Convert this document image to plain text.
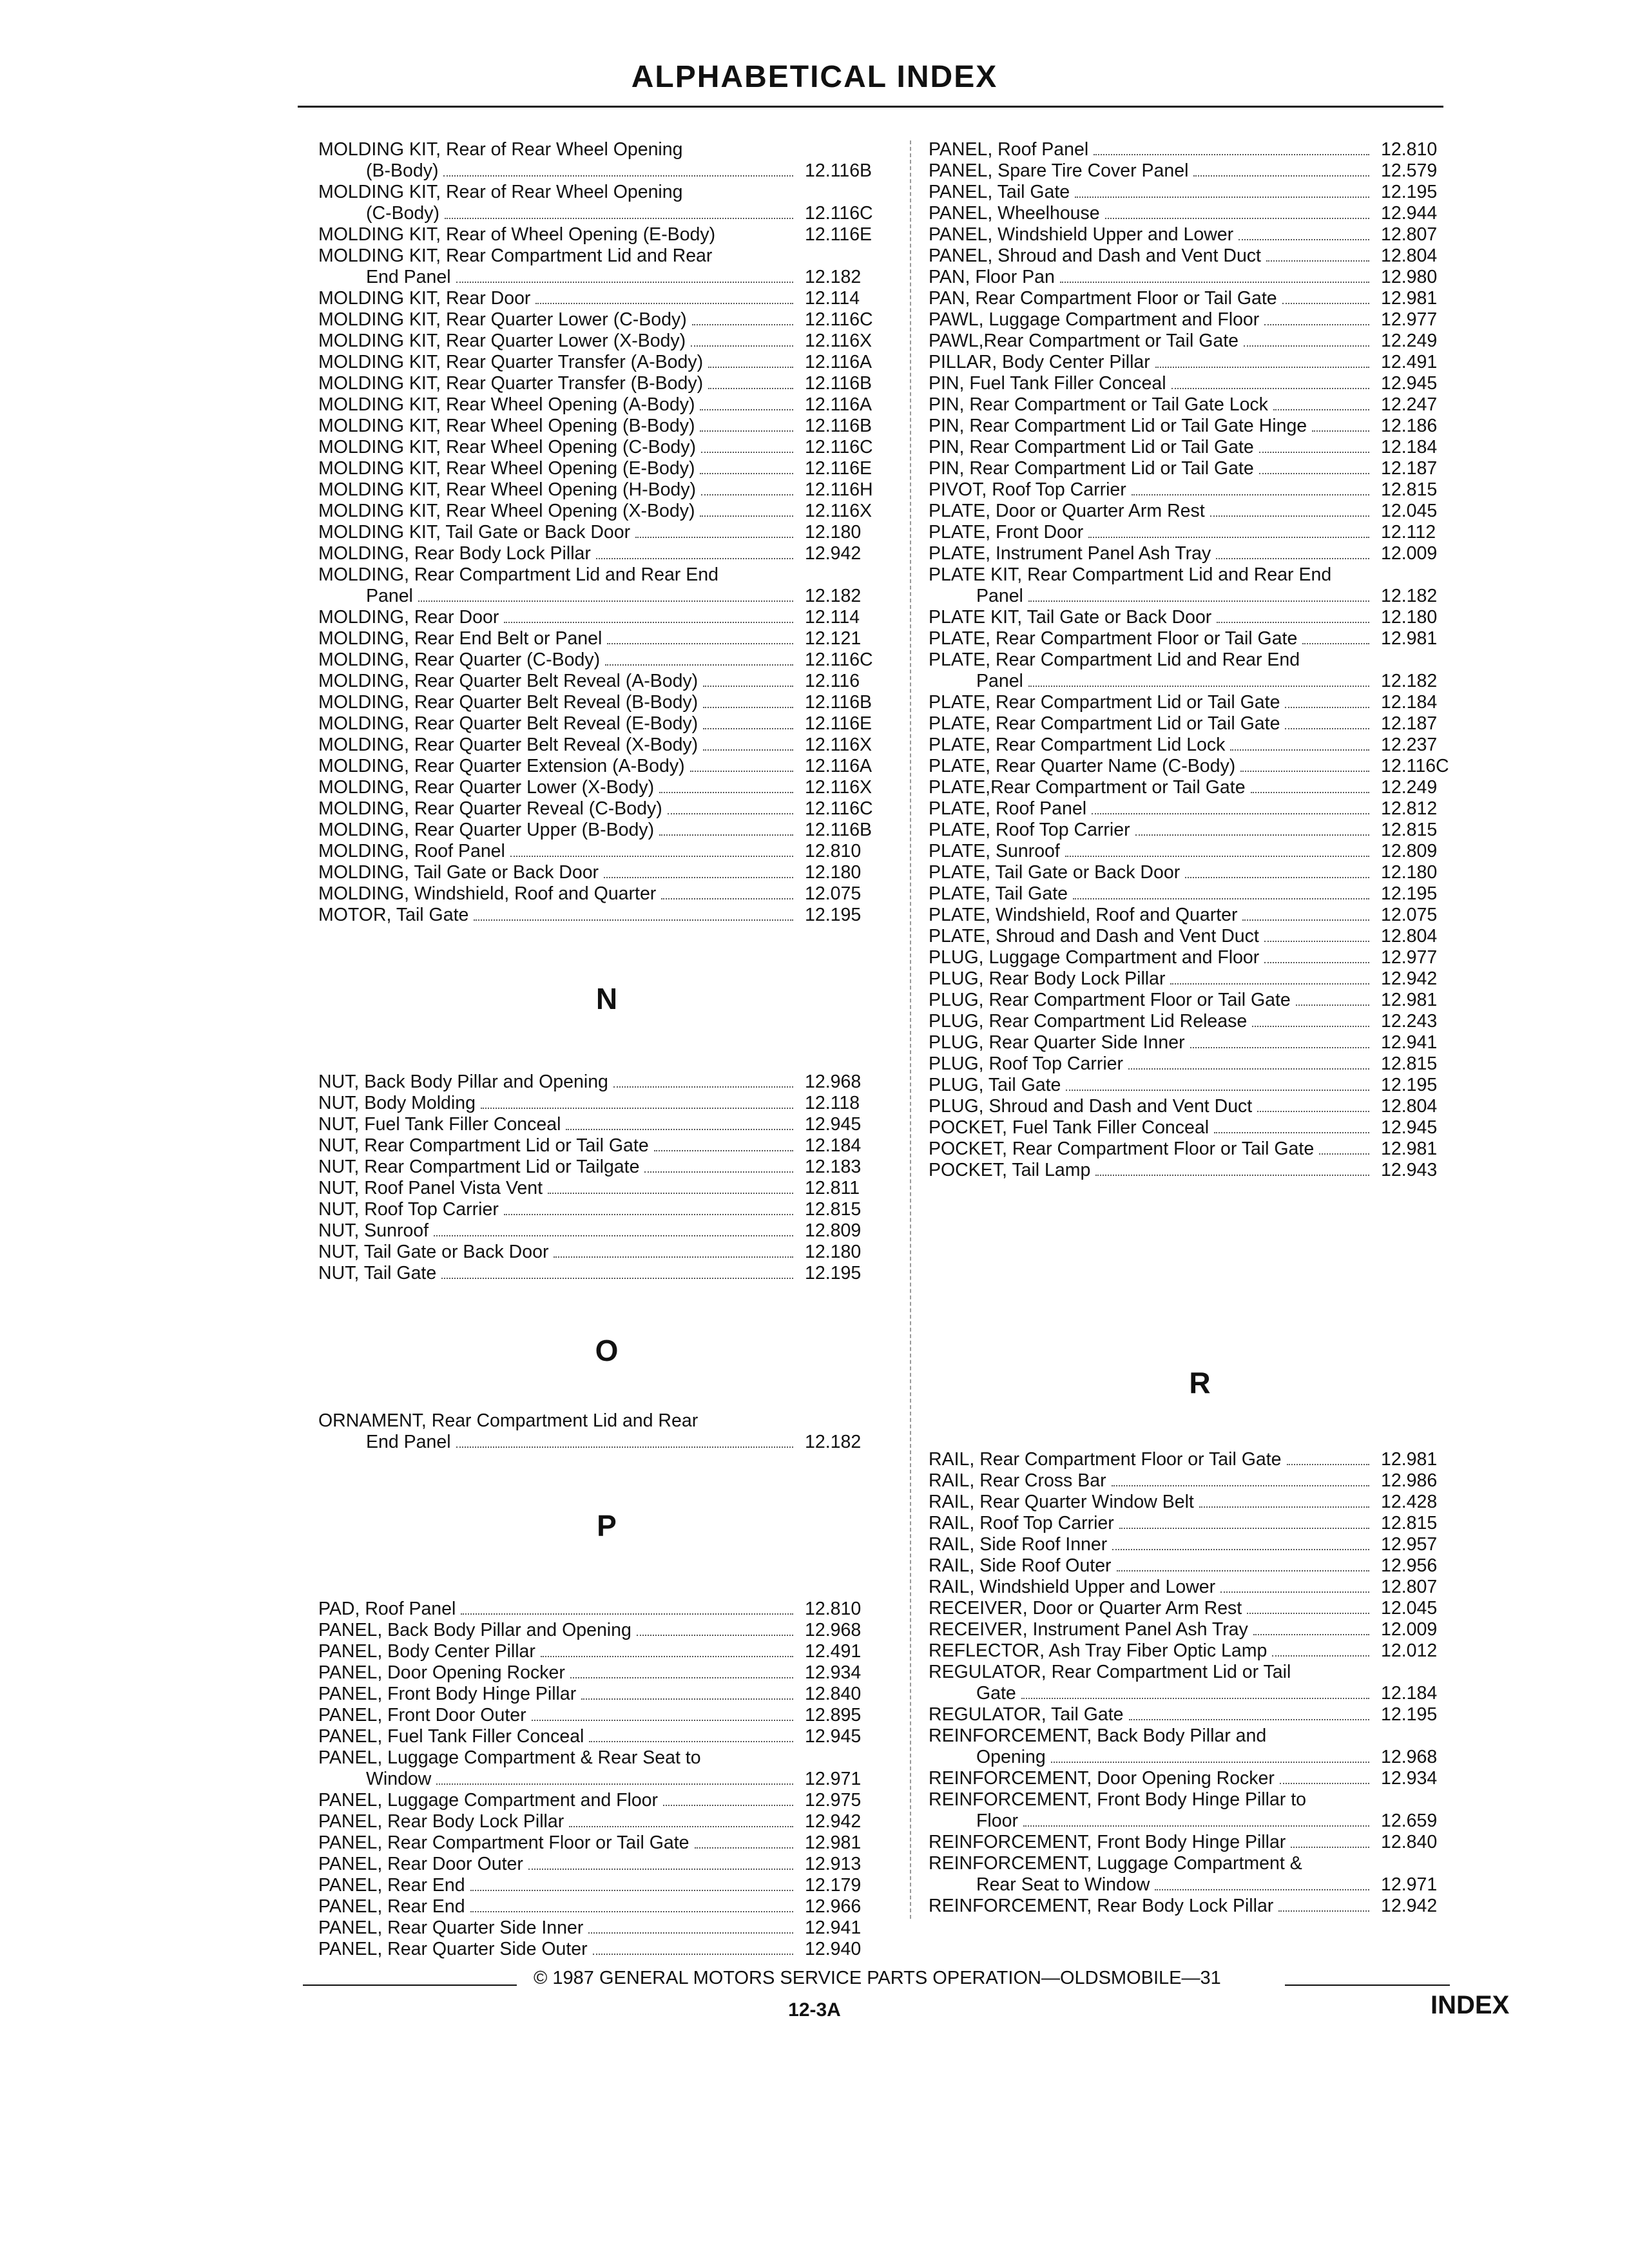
ALPHABETICAL INDEX
MOLDING KIT, Rear of Rear Wheel Opening
(B-Body)	12.116B
MOLDING KIT, Rear of Rear Wheel Opening
(C-Body)	12.116C
MOLDING KIT, Rear of Wheel Opening (E-Body)	12.116E
MOLDING KIT, Rear Compartment Lid and Rear
End Panel	12.182
MOLDING KIT, Rear Door	12.114
MOLDING KIT, Rear Quarter Lower (C-Body)	12.116C
MOLDING KIT, Rear Quarter Lower (X-Body)	12.116X
MOLDING KIT, Rear Quarter Transfer (A-Body)	12.116A
MOLDING KIT, Rear Quarter Transfer (B-Body)	12.116B
MOLDING KIT, Rear Wheel Opening (A-Body)	12.116A
MOLDING KIT, Rear Wheel Opening (B-Body)	12.116B
MOLDING KIT, Rear Wheel Opening (C-Body)	12.116C
MOLDING KIT, Rear Wheel Opening (E-Body)	12.116E
MOLDING KIT, Rear Wheel Opening (H-Body)	12.116H
MOLDING KIT, Rear Wheel Opening (X-Body)	12.116X
MOLDING KIT, Tail Gate or Back Door	12.180
MOLDING, Rear Body Lock Pillar	12.942
MOLDING, Rear Compartment Lid and Rear End
Panel	12.182
MOLDING, Rear Door	12.114
MOLDING, Rear End Belt or Panel	12.121
MOLDING, Rear Quarter (C-Body)	12.116C
MOLDING, Rear Quarter Belt Reveal (A-Body)	12.116
MOLDING, Rear Quarter Belt Reveal (B-Body)	12.116B
MOLDING, Rear Quarter Belt Reveal (E-Body)	12.116E
MOLDING, Rear Quarter Belt Reveal (X-Body)	12.116X
MOLDING, Rear Quarter Extension (A-Body)	12.116A
MOLDING, Rear Quarter Lower (X-Body)	12.116X
MOLDING, Rear Quarter Reveal (C-Body)	12.116C
MOLDING, Rear Quarter Upper (B-Body)	12.116B
MOLDING, Roof Panel	12.810
MOLDING, Tail Gate or Back Door	12.180
MOLDING, Windshield, Roof and Quarter	12.075
MOTOR, Tail Gate	12.195
N
NUT, Back Body Pillar and Opening	12.968
NUT, Body Molding	12.118
NUT, Fuel Tank Filler Conceal	12.945
NUT, Rear Compartment Lid or Tail Gate	12.184
NUT, Rear Compartment Lid or Tailgate	12.183
NUT, Roof Panel Vista Vent	12.811
NUT, Roof Top Carrier	12.815
NUT, Sunroof	12.809
NUT, Tail Gate or Back Door	12.180
NUT, Tail Gate	12.195
O
ORNAMENT, Rear Compartment Lid and Rear
End Panel	12.182
P
PAD, Roof Panel	12.810
PANEL, Back Body Pillar and Opening	12.968
PANEL, Body Center Pillar	12.491
PANEL, Door Opening Rocker	12.934
PANEL, Front Body Hinge Pillar	12.840
PANEL, Front Door Outer	12.895
PANEL, Fuel Tank Filler Conceal	12.945
PANEL, Luggage Compartment & Rear Seat to
Window	12.971
PANEL, Luggage Compartment and Floor	12.975
PANEL, Rear Body Lock Pillar	12.942
PANEL, Rear Compartment Floor or Tail Gate	12.981
PANEL, Rear Door Outer	12.913
PANEL, Rear End	12.179
PANEL, Rear End	12.966
PANEL, Rear Quarter Side Inner	12.941
PANEL, Rear Quarter Side Outer	12.940
PANEL, Roof Panel	12.810
PANEL, Spare Tire Cover Panel	12.579
PANEL, Tail Gate	12.195
PANEL, Wheelhouse	12.944
PANEL, Windshield Upper and Lower	12.807
PANEL, Shroud and Dash and Vent Duct	12.804
PAN, Floor Pan	12.980
PAN, Rear Compartment Floor or Tail Gate	12.981
PAWL, Luggage Compartment and Floor	12.977
PAWL,Rear Compartment or Tail Gate	12.249
PILLAR, Body Center Pillar	12.491
PIN, Fuel Tank Filler Conceal	12.945
PIN, Rear Compartment or Tail Gate Lock	12.247
PIN, Rear Compartment Lid or Tail Gate Hinge	12.186
PIN, Rear Compartment Lid or Tail Gate	12.184
PIN, Rear Compartment Lid or Tail Gate	12.187
PIVOT, Roof Top Carrier	12.815
PLATE, Door or Quarter Arm Rest	12.045
PLATE, Front Door	12.112
PLATE, Instrument Panel Ash Tray	12.009
PLATE KIT, Rear Compartment Lid and Rear End
Panel	12.182
PLATE KIT, Tail Gate or Back Door	12.180
PLATE, Rear Compartment Floor or Tail Gate	12.981
PLATE, Rear Compartment Lid and Rear End
Panel	12.182
PLATE, Rear Compartment Lid or Tail Gate	12.184
PLATE, Rear Compartment Lid or Tail Gate	12.187
PLATE, Rear Compartment Lid Lock	12.237
PLATE, Rear Quarter Name (C-Body)	12.116C
PLATE,Rear Compartment or Tail Gate	12.249
PLATE, Roof Panel	12.812
PLATE, Roof Top Carrier	12.815
PLATE, Sunroof	12.809
PLATE, Tail Gate or Back Door	12.180
PLATE, Tail Gate	12.195
PLATE, Windshield, Roof and Quarter	12.075
PLATE, Shroud and Dash and Vent Duct	12.804
PLUG, Luggage Compartment and Floor	12.977
PLUG, Rear Body Lock Pillar	12.942
PLUG, Rear Compartment Floor or Tail Gate	12.981
PLUG, Rear Compartment Lid Release	12.243
PLUG, Rear Quarter Side Inner	12.941
PLUG, Roof Top Carrier	12.815
PLUG, Tail Gate	12.195
PLUG, Shroud and Dash and Vent Duct	12.804
POCKET, Fuel Tank Filler Conceal	12.945
POCKET, Rear Compartment Floor or Tail Gate	12.981
POCKET, Tail Lamp	12.943
R
RAIL, Rear Compartment Floor or Tail Gate	12.981
RAIL, Rear Cross Bar	12.986
RAIL, Rear Quarter Window Belt	12.428
RAIL, Roof Top Carrier	12.815
RAIL, Side Roof Inner	12.957
RAIL, Side Roof Outer	12.956
RAIL, Windshield Upper and Lower	12.807
RECEIVER, Door or Quarter Arm Rest	12.045
RECEIVER, Instrument Panel Ash Tray	12.009
REFLECTOR, Ash Tray Fiber Optic Lamp	12.012
REGULATOR, Rear Compartment Lid or Tail
Gate	12.184
REGULATOR, Tail Gate	12.195
REINFORCEMENT, Back Body Pillar and
Opening	12.968
REINFORCEMENT, Door Opening Rocker	12.934
REINFORCEMENT, Front Body Hinge Pillar to
Floor	12.659
REINFORCEMENT, Front Body Hinge Pillar	12.840
REINFORCEMENT, Luggage Compartment &
Rear Seat to Window	12.971
REINFORCEMENT, Rear Body Lock Pillar	12.942
© 1987 GENERAL MOTORS SERVICE PARTS OPERATION—OLDSMOBILE—31
12-3A	INDEX
